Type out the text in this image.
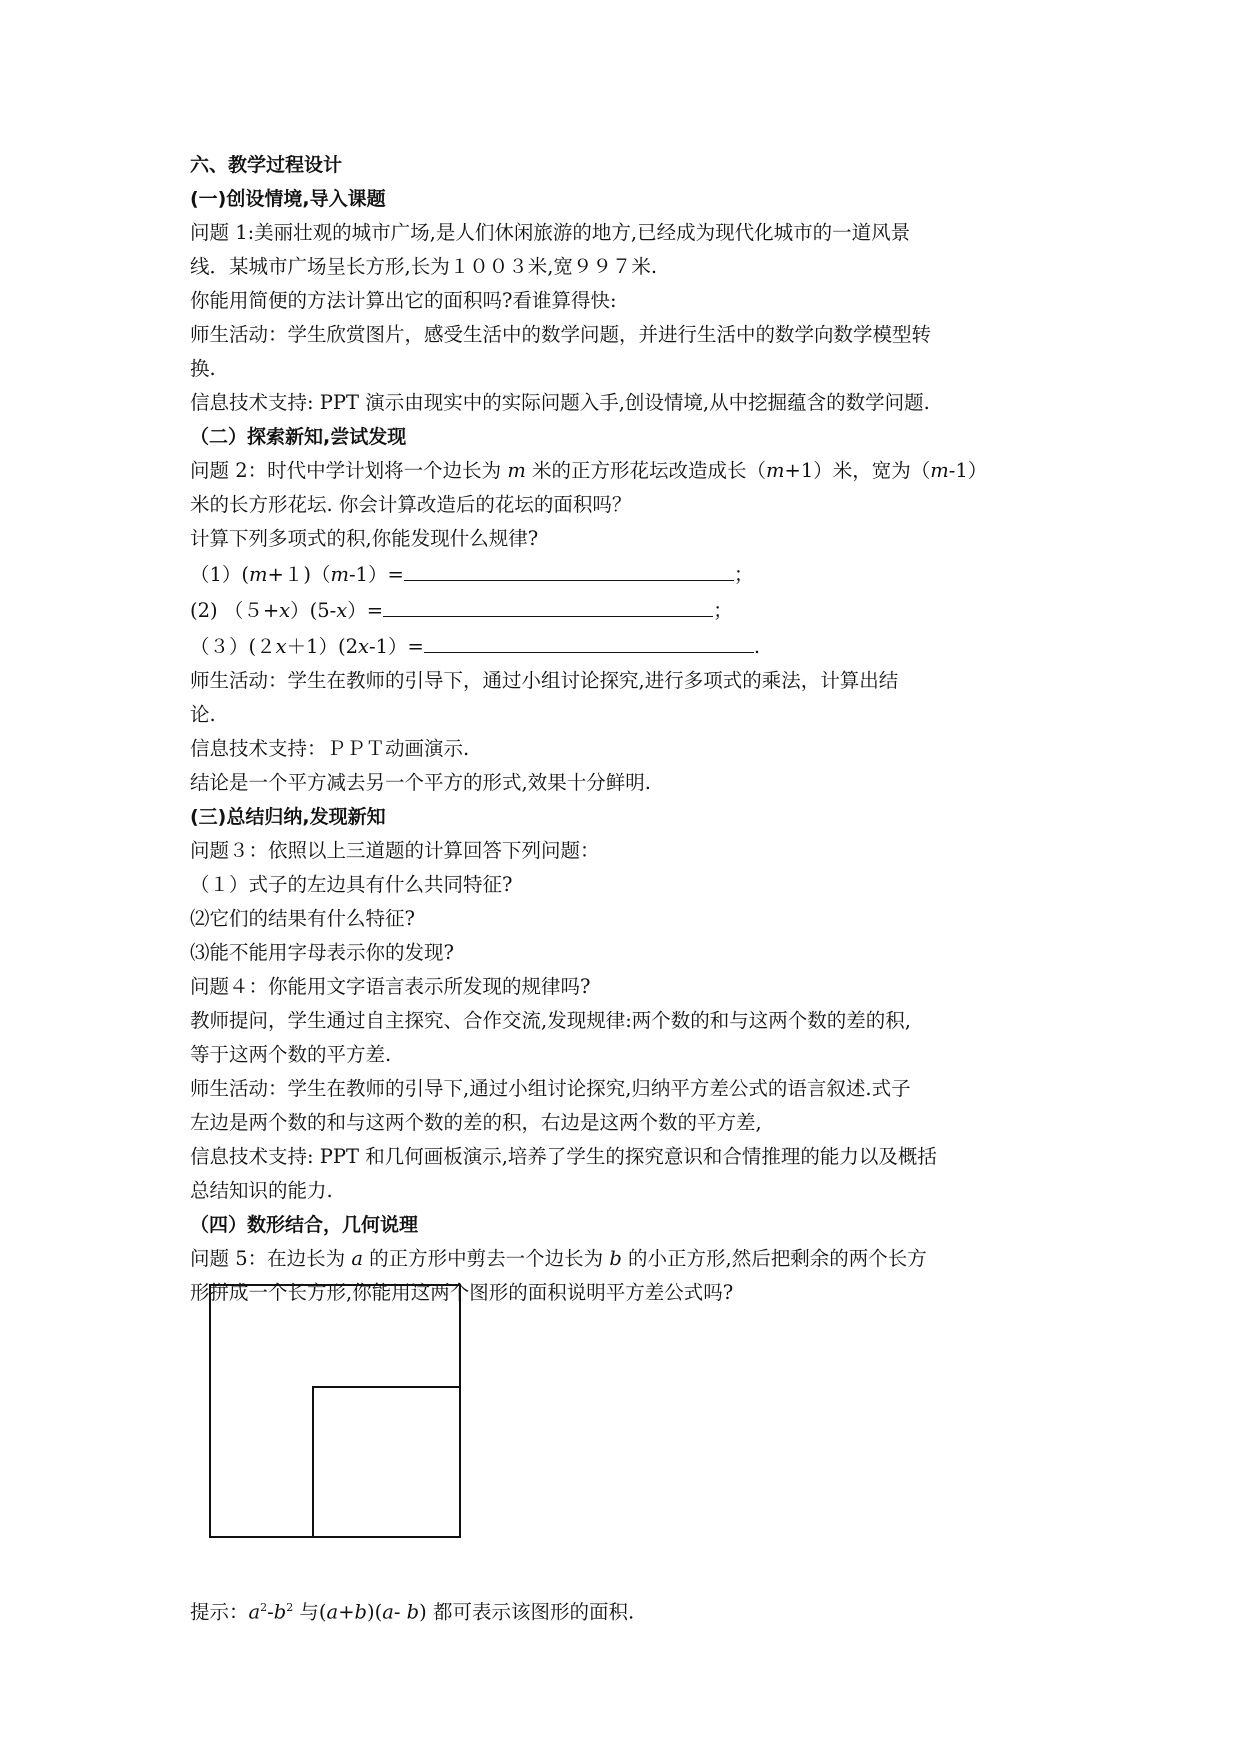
六、教学过程设计

(一)创设情境,导入课题

问题 1:美丽壮观的城市广场,是人们休闲旅游的地方,已经成为现代化城市的一道风景

线．某城市广场呈长方形,长为１００３米,宽９９７米.

你能用简便的方法计算出它的面积吗?看谁算得快:

师生活动：学生欣赏图片，感受生活中的数学问题，并进行生活中的数学向数学模型转

换.

信息技术支持: PPT 演示由现实中的实际问题入手,创设情境,从中挖掘蕴含的数学问题.

（二）探索新知,尝试发现

问题 2：时代中学计划将一个边长为 m 米的正方形花坛改造成长（m+1）米，宽为（m-1）

米的长方形花坛. 你会计算改造后的花坛的面积吗？

计算下列多项式的积,你能发现什么规律?

（1）(m+１)（m-1）=	；

(2) （５+x）(5-x）=	；

（３）(２x＋1）(2x-1）=	.

师生活动：学生在教师的引导下，通过小组讨论探究,进行多项式的乘法，计算出结

论.

信息技术支持：ＰＰＴ动画演示.

结论是一个平方减去另一个平方的形式,效果十分鲜明.

(三)总结归纳,发现新知

问题３：依照以上三道题的计算回答下列问题：

（１）式子的左边具有什么共同特征?

⑵它们的结果有什么特征?

⑶能不能用字母表示你的发现?

问题４：你能用文字语言表示所发现的规律吗?

教师提问，学生通过自主探究、合作交流,发现规律:两个数的和与这两个数的差的积,

等于这两个数的平方差.

师生活动：学生在教师的引导下,通过小组讨论探究,归纳平方差公式的语言叙述.式子

左边是两个数的和与这两个数的差的积，右边是这两个数的平方差,

信息技术支持: PPT 和几何画板演示,培养了学生的探究意识和合情推理的能力以及概括

总结知识的能力.

（四）数形结合，几何说理

问题 5：在边长为 a 的正方形中剪去一个边长为 b 的小正方形,然后把剩余的两个长方

形拼成一个长方形,你能用这两个图形的面积说明平方差公式吗?

提示：$a^2-b^2$ 与(a+b)(a- b) 都可表示该图形的面积.
